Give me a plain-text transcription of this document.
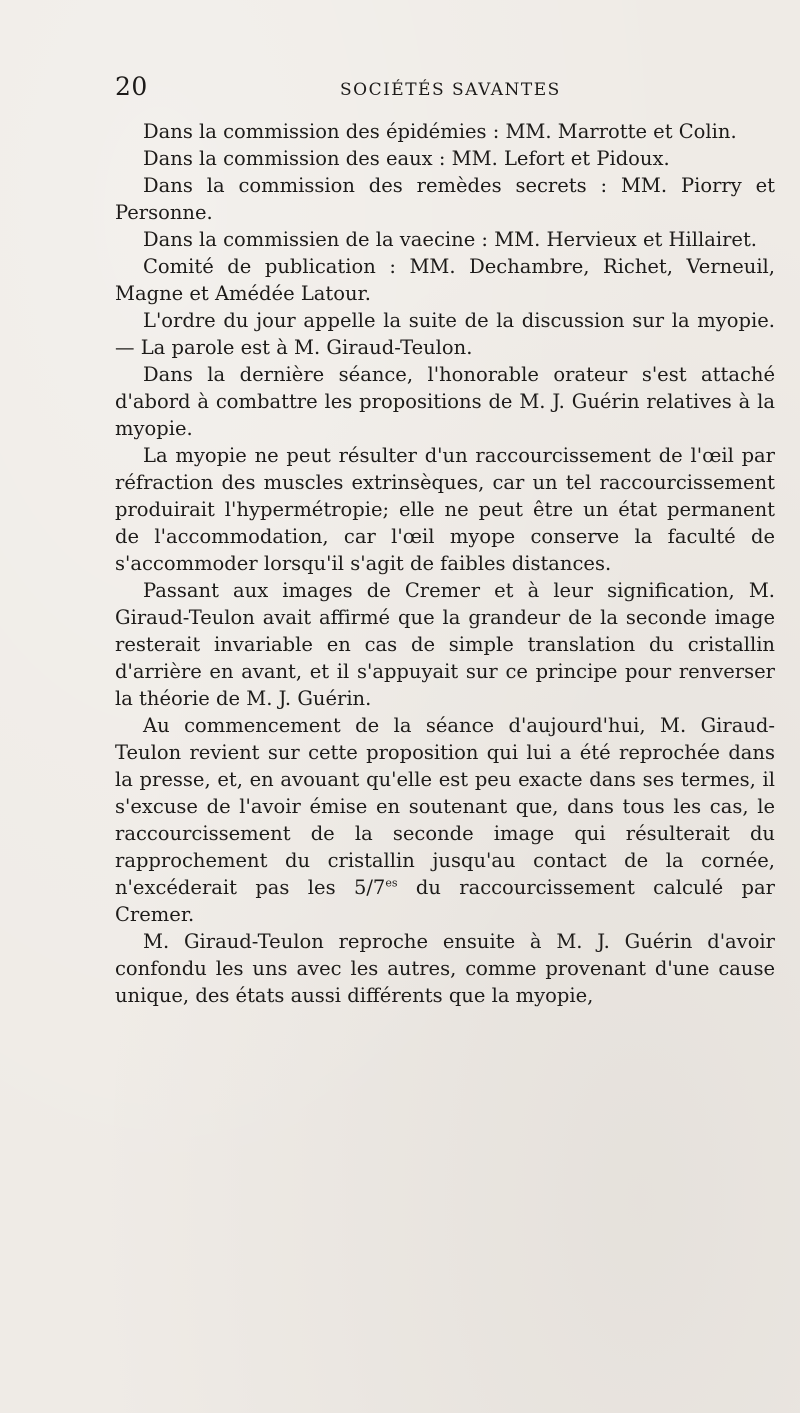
20	SOCIÉTÉS SAVANTES

Dans la commission des épidémies : MM. Marrotte et Colin.

Dans la commission des eaux : MM. Lefort et Pidoux.

Dans la commission des remèdes secrets : MM. Piorry et Personne.

Dans la commissien de la vaecine : MM. Hervieux et Hillairet.

Comité de publication : MM. Dechambre, Richet, Verneuil, Magne et Amédée Latour.

L'ordre du jour appelle la suite de la discussion sur la myopie. — La parole est à M. Giraud-Teulon.

Dans la dernière séance, l'honorable orateur s'est attaché d'abord à combattre les propositions de M. J. Guérin relatives à la myopie.

La myopie ne peut résulter d'un raccourcissement de l'œil par réfraction des muscles extrinsèques, car un tel raccourcissement produirait l'hypermétropie; elle ne peut être un état permanent de l'accommodation, car l'œil myope conserve la faculté de s'accommoder lorsqu'il s'agit de faibles distances.

Passant aux images de Cremer et à leur signification, M. Giraud-Teulon avait affirmé que la grandeur de la seconde image resterait invariable en cas de simple translation du cristallin d'arrière en avant, et il s'appuyait sur ce principe pour renverser la théorie de M. J. Guérin.

Au commencement de la séance d'aujourd'hui, M. Giraud-Teulon revient sur cette proposition qui lui a été reprochée dans la presse, et, en avouant qu'elle est peu exacte dans ses termes, il s'excuse de l'avoir émise en soutenant que, dans tous les cas, le raccourcissement de la seconde image qui résulterait du rapprochement du cristallin jusqu'au contact de la cornée, n'excéderait pas les $5/7^{es}$ du raccourcissement calculé par Cremer.

M. Giraud-Teulon reproche ensuite à M. J. Guérin d'avoir confondu les uns avec les autres, comme provenant d'une cause unique, des états aussi différents que la myopie,
